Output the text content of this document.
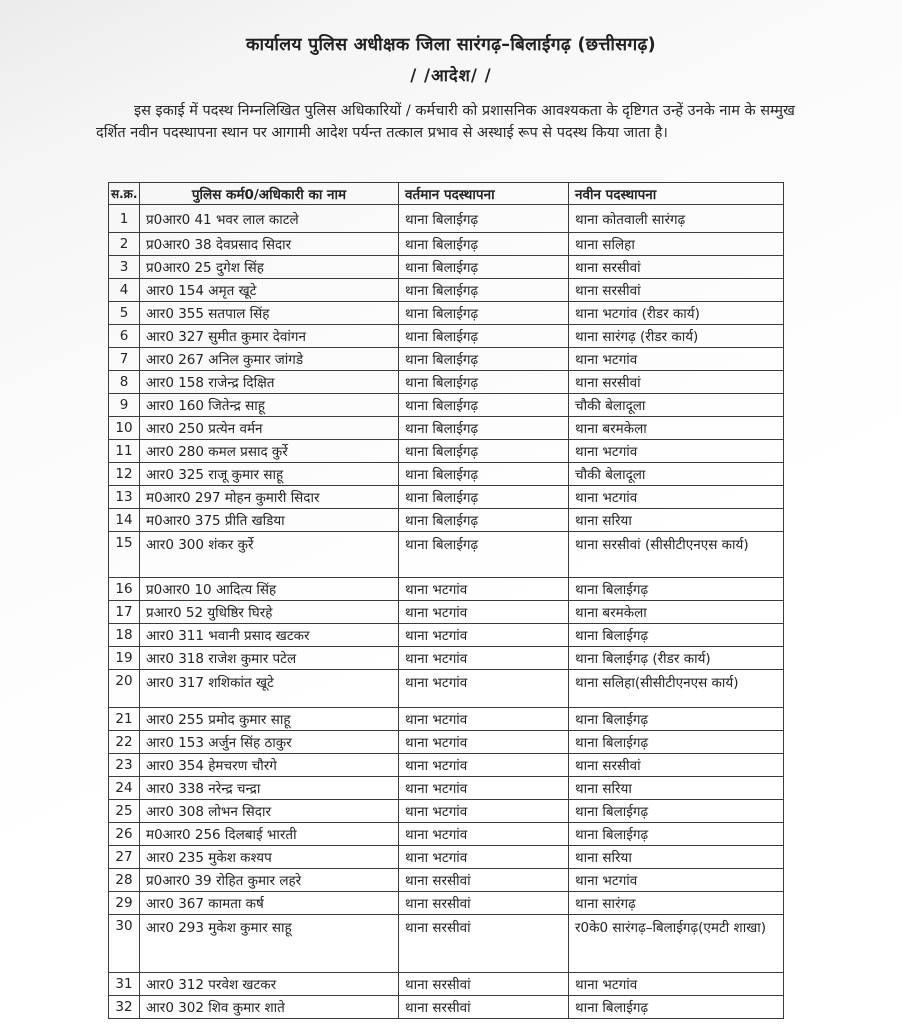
कार्यालय पुलिस अधीक्षक जिला सारंगढ़–बिलाईगढ़ (छत्तीसगढ़)
/ /आदेश/ /

इस इकाई में पदस्थ निम्नलिखित पुलिस अधिकारियों / कर्मचारी को प्रशासनिक आवश्यकता के दृष्टिगत उन्हें उनके नाम के सम्मुख दर्शित नवीन पदस्थापना स्थान पर आगामी आदेश पर्यन्त तत्काल प्रभाव से अस्थाई रूप से पदस्थ किया जाता है।

स.क्र.	पुलिस कर्म0/अधिकारी का नाम	वर्तमान पदस्थापना	नवीन पदस्थापना
1	प्र0आर0 41 भवर लाल काटले	थाना बिलाईगढ़	थाना कोतवाली सारंगढ़
2	प्र0आर0 38 देवप्रसाद सिदार	थाना बिलाईगढ़	थाना सलिहा
3	प्र0आर0 25 दुगेश सिंह	थाना बिलाईगढ़	थाना सरसीवां
4	आर0 154 अमृत खूटे	थाना बिलाईगढ़	थाना सरसीवां
5	आर0 355 सतपाल सिंह	थाना बिलाईगढ़	थाना भटगांव (रीडर कार्य)
6	आर0 327 सुमीत कुमार देवांगन	थाना बिलाईगढ़	थाना सारंगढ़ (रीडर कार्य)
7	आर0 267 अनिल कुमार जांगडे	थाना बिलाईगढ़	थाना भटगांव
8	आर0 158 राजेन्द्र दिक्षित	थाना बिलाईगढ़	थाना सरसीवां
9	आर0 160 जितेन्द्र साहू	थाना बिलाईगढ़	चौकी बेलादूला
10	आर0 250 प्रत्येन वर्मन	थाना बिलाईगढ़	थाना बरमकेला
11	आर0 280 कमल प्रसाद कुर्रे	थाना बिलाईगढ़	थाना भटगांव
12	आर0 325 राजू कुमार साहू	थाना बिलाईगढ़	चौकी बेलादूला
13	म0आर0 297 मोहन कुमारी सिदार	थाना बिलाईगढ़	थाना भटगांव
14	म0आर0 375 प्रीति खडिया	थाना बिलाईगढ़	थाना सरिया
15	आर0 300 शंकर कुर्रे	थाना बिलाईगढ़	थाना सरसीवां (सीसीटीएनएस कार्य)
16	प्र0आर0 10 आदित्य सिंह	थाना भटगांव	थाना बिलाईगढ़
17	प्रआर0 52 युधिष्ठिर घिरहे	थाना भटगांव	थाना बरमकेला
18	आर0 311 भवानी प्रसाद खटकर	थाना भटगांव	थाना बिलाईगढ़
19	आर0 318 राजेश कुमार पटेल	थाना भटगांव	थाना बिलाईगढ़ (रीडर कार्य)
20	आर0 317 शशिकांत खूटे	थाना भटगांव	थाना सलिहा(सीसीटीएनएस कार्य)
21	आर0 255 प्रमोद कुमार साहू	थाना भटगांव	थाना बिलाईगढ़
22	आर0 153 अर्जुन सिंह ठाकुर	थाना भटगांव	थाना बिलाईगढ़
23	आर0 354 हेमचरण चौरगे	थाना भटगांव	थाना सरसीवां
24	आर0 338 नरेन्द्र चन्द्रा	थाना भटगांव	थाना सरिया
25	आर0 308 लोभन सिदार	थाना भटगांव	थाना बिलाईगढ़
26	म0आर0 256 दिलबाई भारती	थाना भटगांव	थाना बिलाईगढ़
27	आर0 235 मुकेश कश्यप	थाना भटगांव	थाना सरिया
28	प्र0आर0 39 रोहित कुमार लहरे	थाना सरसीवां	थाना भटगांव
29	आर0 367 कामता कर्ष	थाना सरसीवां	थाना सारंगढ़
30	आर0 293 मुकेश कुमार साहू	थाना सरसीवां	र0के0 सारंगढ़–बिलाईगढ़(एमटी शाखा)
31	आर0 312 परवेश खटकर	थाना सरसीवां	थाना भटगांव
32	आर0 302 शिव कुमार शाते	थाना सरसीवां	थाना बिलाईगढ़
